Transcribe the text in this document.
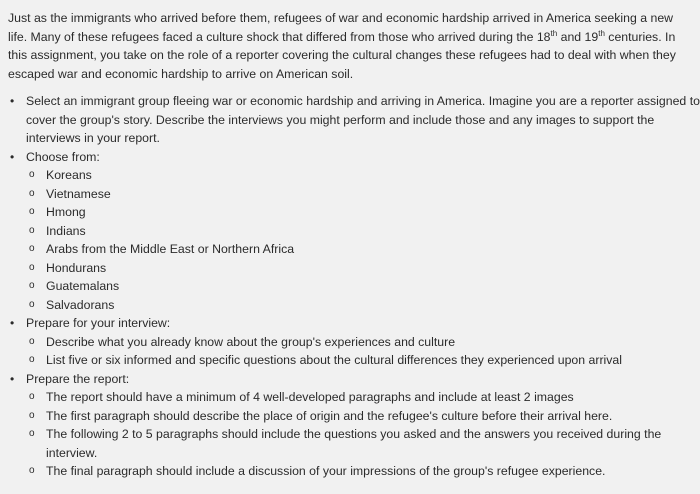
Just as the immigrants who arrived before them, refugees of war and economic hardship arrived in America seeking a new life. Many of these refugees faced a culture shock that differed from those who arrived during the 18th and 19th centuries. In this assignment, you take on the role of a reporter covering the cultural changes these refugees had to deal with when they escaped war and economic hardship to arrive on American soil.

• Select an immigrant group fleeing war or economic hardship and arriving in America. Imagine you are a reporter assigned to cover the group's story. Describe the interviews you might perform and include those and any images to support the interviews in your report.
• Choose from:
o Koreans
o Vietnamese
o Hmong
o Indians
o Arabs from the Middle East or Northern Africa
o Hondurans
o Guatemalans
o Salvadorans
• Prepare for your interview:
o Describe what you already know about the group's experiences and culture
o List five or six informed and specific questions about the cultural differences they experienced upon arrival
• Prepare the report:
o The report should have a minimum of 4 well-developed paragraphs and include at least 2 images
o The first paragraph should describe the place of origin and the refugee's culture before their arrival here.
o The following 2 to 5 paragraphs should include the questions you asked and the answers you received during the interview.
o The final paragraph should include a discussion of your impressions of the group's refugee experience.
